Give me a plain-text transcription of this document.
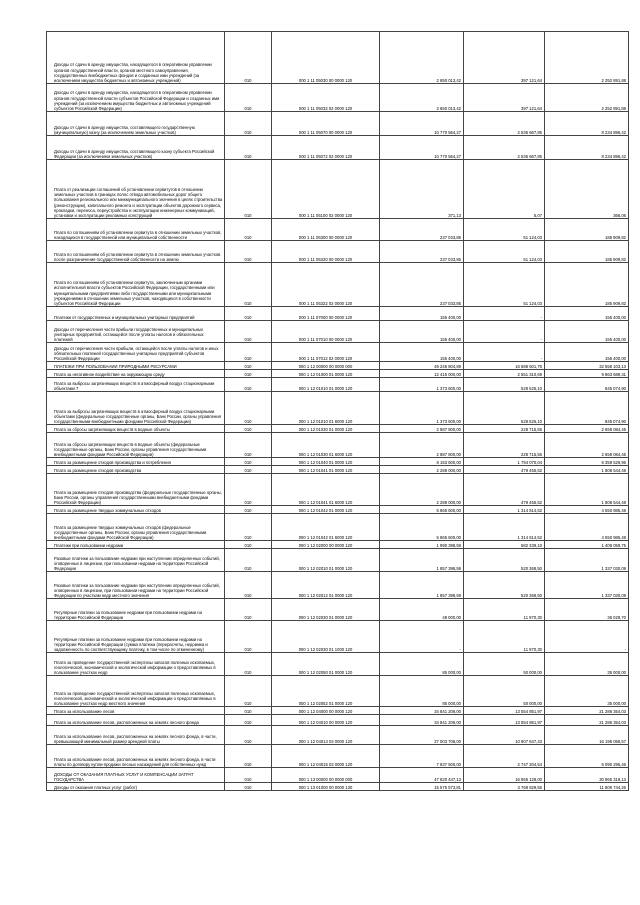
Доходы от сдачи в аренду имущества, находящегося в оперативном управлении органов государственной власти, органов местного самоуправления, государственных внебюджетных фондов и созданных ими учреждений (за исключением имущества бюджетных и автономных учреждений)	010	000 1 11 05030 00 0000 120	2 650 013,42	397 121,64	2 252 891,88
Доходы от сдачи в аренду имущества, находящегося в оперативном управлении органов государственной власти субъектов Российской Федерации и созданных ими учреждений (за исключением имущества бюджетных и автономных учреждений субъектов Российской Федерации)	010	000 1 11 05032 02 0000 120	2 650 013,42	397 121,64	2 252 891,88
Доходы от сдачи в аренду имущества, составляющего государственную (муниципальную) казну (за исключением земельных участков)	010	000 1 11 05070 00 0000 120	10 770 564,27	2 535 667,85	8 234 896,42
Доходы от сдачи в аренду имущества, составляющего казну субъекта Российской Федерации (за исключением земельных участков)	010	000 1 11 05072 02 0000 120	10 770 564,27	2 535 667,85	8 234 896,42
Плата от реализации соглашений об установлении сервитутов в отношении земельных участков в границах полос отвода автомобильных дорог общего пользования регионального или межмуниципального значения в целях строительства (реконструкции), капитального ремонта и эксплуатации объектов дорожного сервиса, прокладки, переноса, переустройства и эксплуатации инженерных коммуникаций, установки и эксплуатации рекламных конструкций	010	000 1 11 05100 02 0000 120	371,13	5,07	366,06
Плата по соглашениям об установлении сервитута в отношении земельных участков, находящихся в государственной или муниципальной собственности	010	000 1 11 05300 00 0000 120	237 033,85	51 124,03	185 909,82
Плата по соглашениям об установлении сервитута в отношении земельных участков после разграничения государственной собственности на землю	010	000 1 11 05320 00 0000 120	237 033,85	51 124,03	185 909,82
Плата по соглашениям об установлении сервитута, заключенным органами исполнительной власти субъектов Российской Федерации, государственными или муниципальными предприятиями либо государственными или муниципальными учреждениями в отношении земельных участков, находящихся в собственности субъектов Российской Федерации	010	000 1 11 05322 02 0000 120	237 033,85	51 124,03	185 909,82
Платежи от государственных и муниципальных унитарных предприятий	010	000 1 11 07000 00 0000 120	155 400,00	-	155 400,00
Доходы от перечисления части прибыли государственных и муниципальных унитарных предприятий, остающейся после уплаты налогов и обязательных платежей	010	000 1 11 07010 00 0000 120	155 400,00	-	155 400,00
Доходы от перечисления части прибыли, остающейся после уплаты налогов и иных обязательных платежей государственных унитарных предприятий субъектов Российской Федерации	010	000 1 11 07012 02 0000 120	155 400,00	-	155 400,00
ПЛАТЕЖИ ПРИ ПОЛЬЗОВАНИИ ПРИРОДНЫМИ РЕСУРСАМИ	010	000 1 12 00000 00 0000 000	49 246 804,89	16 688 501,76	32 558 103,13
Плата за негативное воздействие на окружающую среду	010	000 1 12 01000 01 0000 120	12 415 000,00	2 551 310,69	9 863 689,31
Плата за выбросы загрязняющих веществ в атмосферный воздух стационарными объектами 7	010	000 1 12 01010 01 0000 120	1 373 600,00	528 525,10	845 074,90
Плата за выбросы загрязняющих веществ в атмосферный воздух стационарными объектами (федеральные государственные органы, Банк России, органы управления государственными внебюджетными фондами Российской Федерации)	010	000 1 12 01010 01 6000 120	1 373 600,00	528 525,10	845 074,90
Плата за сбросы загрязняющих веществ в водные объекты	010	000 1 12 01030 01 0000 120	2 887 800,00	228 715,55	2 659 084,45
Плата за сбросы загрязняющих веществ в водные объекты (федеральные государственные органы, Банк России, органы управления государственными внебюджетными фондами Российской Федерации)	010	000 1 12 01030 01 6000 120	2 887 800,00	228 715,55	2 659 084,45
Плата за размещение отходов производства и потребления	010	000 1 12 01040 01 0000 120	8 153 600,00	1 794 070,04	6 359 529,96
Плата за размещение отходов производства	010	000 1 12 01041 01 0000 120	2 288 000,00	479 455,52	1 808 544,48
Плата за размещение отходов производства (федеральные государственные органы, Банк России, органы управления государственными внебюджетными фондами Российской Федерации)	010	000 1 12 01041 01 6000 120	2 288 000,00	479 455,52	1 808 544,48
Плата за размещение твердых коммунальных отходов	010	000 1 12 01042 01 0000 120	5 865 600,00	1 314 614,52	4 550 985,48
Плата за размещение твердых коммунальных отходов (федеральные государственные органы, Банк России, органы управления государственными внебюджетными фондами Российской Федерации)	010	000 1 12 01042 01 6000 120	5 865 600,00	1 314 614,52	4 550 985,48
Платежи при пользовании недрами	010	000 1 12 02000 00 0000 120	1 990 398,59	582 339,10	1 408 059,75
Разовые платежи за пользование недрами при наступлении определенных событий, оговоренных в лицензии, при пользовании недрами на территории Российской Федерации	010	000 1 12 02010 01 0000 120	1 857 398,59	520 368,50	1 337 030,09
Разовые платежи за пользование недрами при наступлении определенных событий, оговоренных в лицензии, при пользовании недрами на территории Российской Федерации по участкам недр местного значения	010	000 1 12 02012 01 0000 120	1 857 398,59	520 368,50	1 337 030,09
Регулярные платежи за пользование недрами при пользовании недрами на территории Российской Федерации	010	000 1 12 02030 01 0000 120	48 000,00	11 970,30	36 029,70
Регулярные платежи за пользование недрами при пользовании недрами на территории Российской Федерации (сумма платежа (перерасчеты, недоимка и задолженность по соответствующему платежу, в том числе по отмененному)	010	000 1 12 02030 01 1000 120	-	11 970,30	-
Плата за проведение государственной экспертизы запасов полезных ископаемых, геологической, экономической и экологической информации о предоставляемых в пользование участках недр	010	000 1 12 02050 01 0000 120	85 000,00	50 000,00	35 000,00
Плата за проведение государственной экспертизы запасов полезных ископаемых, геологической, экономической и экологической информации о предоставляемых в пользование участках недр местного значения	010	000 1 12 02052 01 0000 120	85 000,00	50 000,00	35 000,00
Плата за использование лесов	010	000 1 12 04000 00 0000 120	34 841 206,00	13 554 851,97	21 286 354,03
Плата за использование лесов, расположенных на землях лесного фонда	010	000 1 12 04010 00 0000 120	34 841 206,00	13 554 851,97	21 286 354,03
Плата за использование лесов, расположенных на землях лесного фонда, в части, превышающей минимальный размер арендной платы	010	000 1 12 04014 02 0000 120	27 003 706,00	10 807 647,43	16 196 058,57
Плата за использование лесов, расположенных на землях лесного фонда, в части платы по договору купли-продажи лесных насаждений для собственных нужд	010	000 1 12 04015 02 0000 120	7 837 500,00	2 747 204,54	5 090 295,46
ДОХОДЫ ОТ ОКАЗАНИЯ ПЛАТНЫХ УСЛУГ И КОМПЕНСАЦИИ ЗАТРАТ ГОСУДАРСТВА	010	000 1 13 00000 00 0000 000	47 820 447,13	16 855 128,00	30 965 319,13
Доходы от оказания платных услуг (работ)	010	000 1 13 01000 00 0000 130	15 575 573,81	3 768 829,55	11 806 744,26
